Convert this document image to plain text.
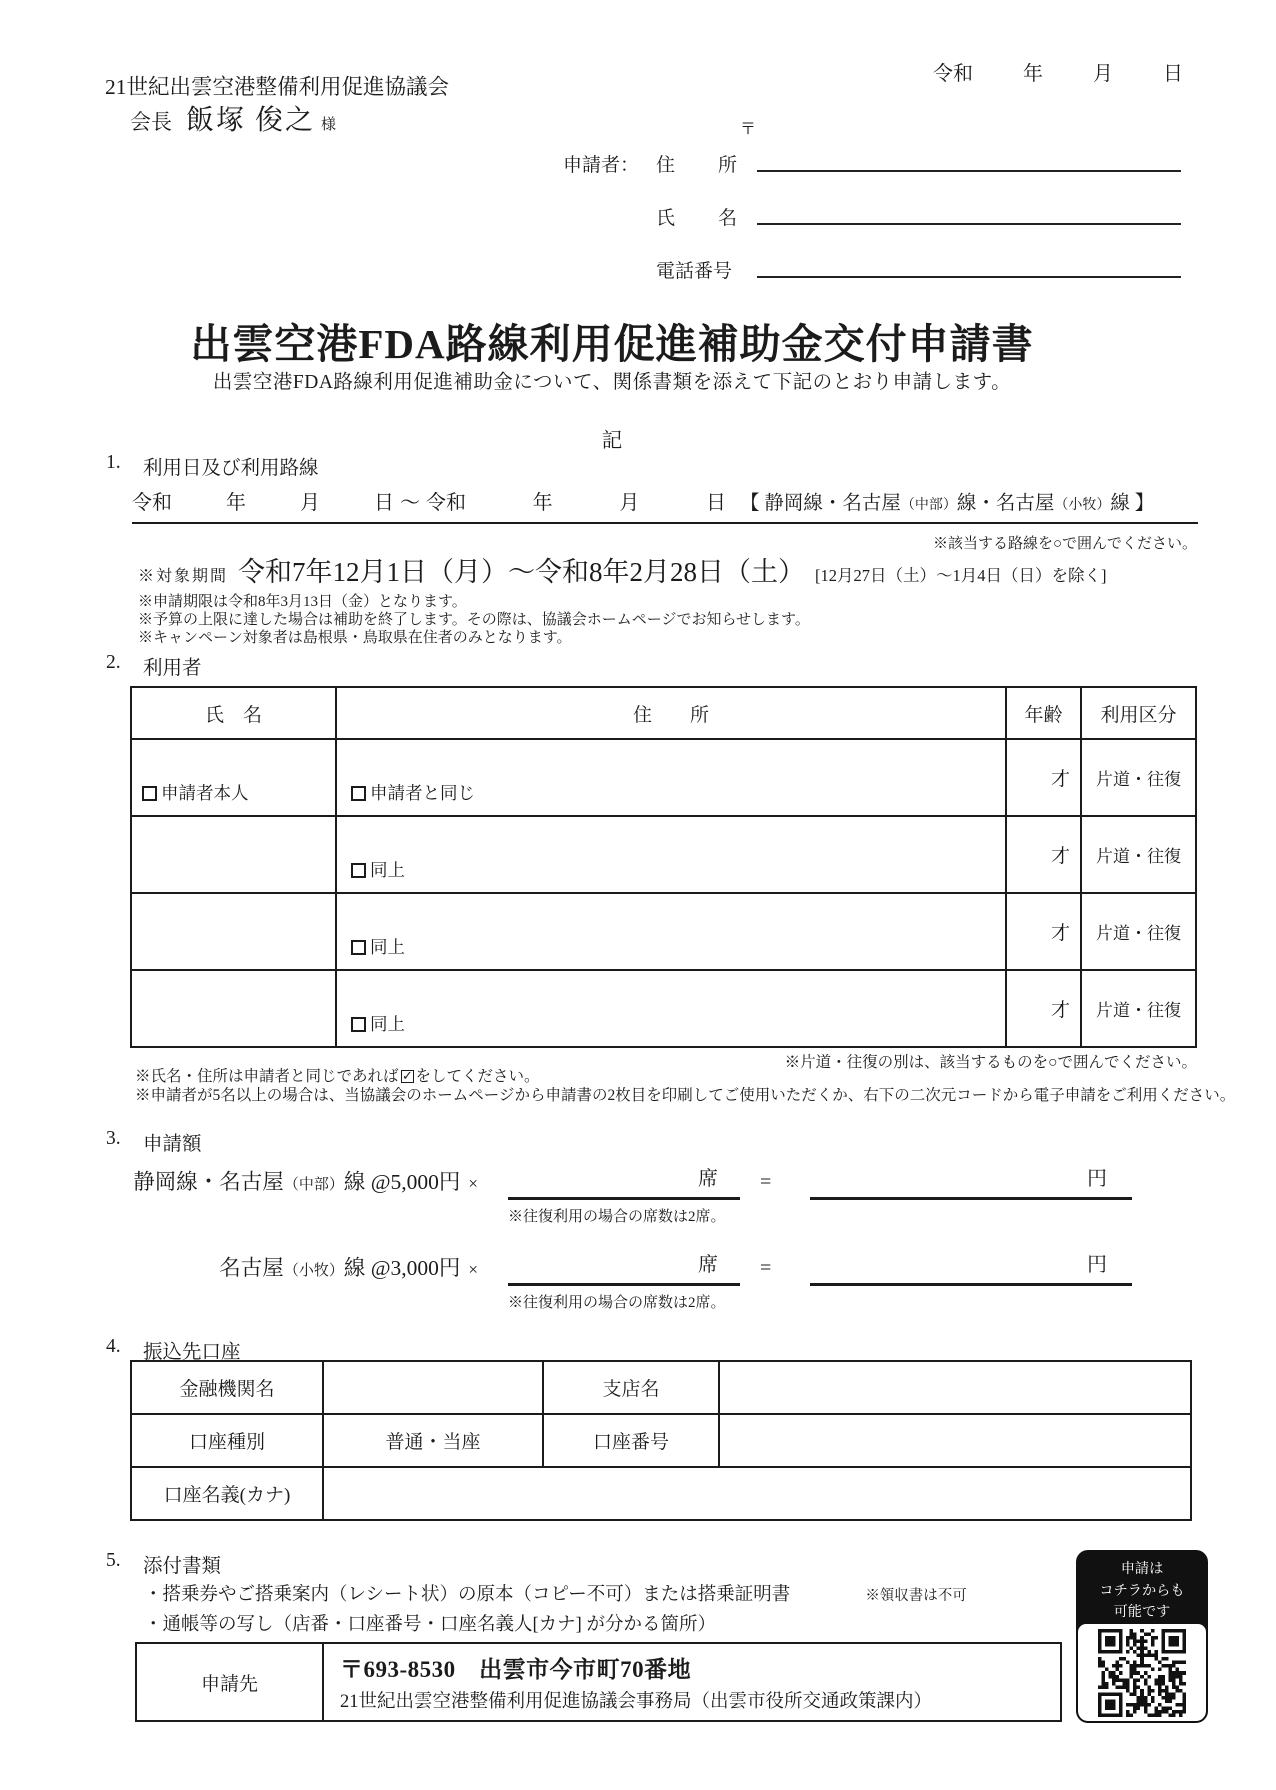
令和	年	月	日
21世紀出雲空港整備利用促進協議会
会長 飯塚 俊之 様
申請者： 住 所
〒
氏 名
電話番号
出雲空港FDA路線利用促進補助金交付申請書
出雲空港FDA路線利用促進補助金について、関係書類を添えて下記のとおり申請します。
記
1. 利用日及び利用路線
令和	年	月	日 ～ 令和	年	月	日 【 静岡線・名古屋（中部）線・名古屋（小牧）線 】
※該当する路線を○で囲んでください。
※対象期間 令和7年12月1日（月）～令和8年2月28日（土） [12月27日（土）～1月4日（日）を除く]
※申請期限は令和8年3月13日（金）となります。
※予算の上限に達した場合は補助を終了します。その際は、協議会ホームページでお知らせします。
※キャンペーン対象者は島根県・鳥取県在住者のみとなります。
2. 利用者
氏　名	住　　所	年齢	利用区分
申請者本人	申請者と同じ	才	片道・往復
	同上	才	片道・往復
	同上	才	片道・往復
	同上	才	片道・往復
※片道・往復の別は、該当するものを○で囲んでください。
※氏名・住所は申請者と同じであれば ✓ をしてください。
※申請者が5名以上の場合は、当協議会のホームページから申請書の2枚目を印刷してご使用いただくか、右下の二次元コードから電子申請をご利用ください。
3. 申請額
静岡線・名古屋（中部）線 @5,000円 ×	席 =	円
※往復利用の場合の席数は2席。
名古屋（小牧）線 @3,000円 ×	席 =	円
※往復利用の場合の席数は2席。
4. 振込先口座
金融機関名		支店名	
口座種別	普通・当座	口座番号	
口座名義(カナ)			
5. 添付書類
・搭乗券やご搭乗案内（レシート状）の原本（コピー不可）または搭乗証明書	※領収書は不可
・通帳等の写し（店番・口座番号・口座名義人[カナ] が分かる箇所）
申請先
〒693-8530　出雲市今市町70番地
21世紀出雲空港整備利用促進協議会事務局（出雲市役所交通政策課内）
申請は
コチラからも
可能です
